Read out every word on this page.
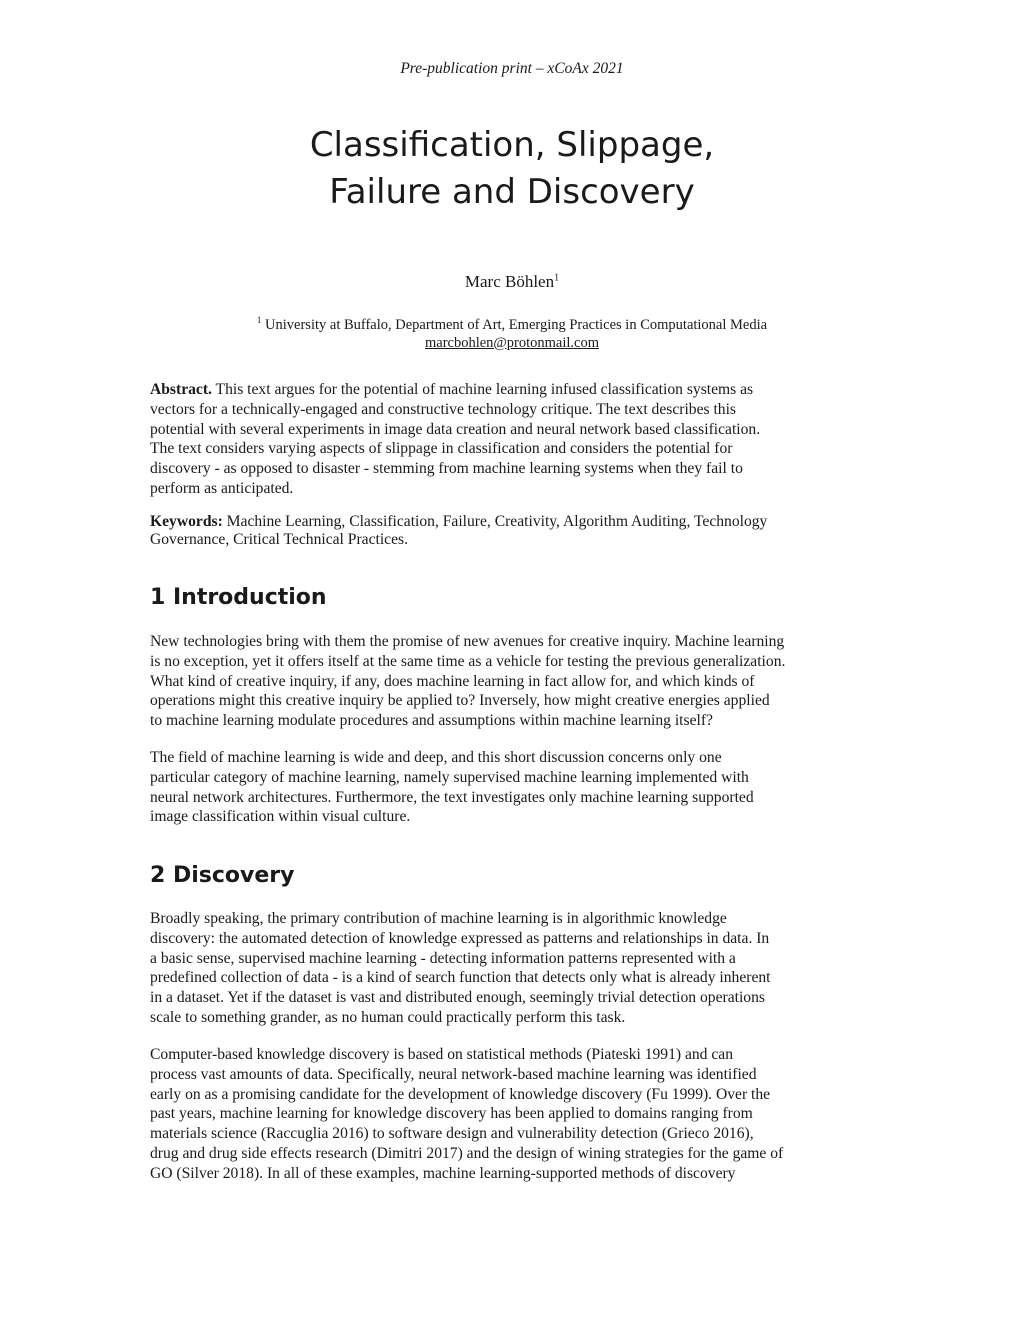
Pre-publication print – xCoAx 2021
Classification, Slippage,
Failure and Discovery
Marc Böhlen$^1$
$^1$ University at Buffalo, Department of Art, Emerging Practices in Computational Media
marcbohlen@protonmail.com

Abstract. This text argues for the potential of machine learning infused classification systems as
vectors for a technically-engaged and constructive technology critique. The text describes this
potential with several experiments in image data creation and neural network based classification.
The text considers varying aspects of slippage in classification and considers the potential for
discovery - as opposed to disaster - stemming from machine learning systems when they fail to
perform as anticipated.

Keywords: Machine Learning, Classification, Failure, Creativity, Algorithm Auditing, Technology
Governance, Critical Technical Practices.

1 Introduction

New technologies bring with them the promise of new avenues for creative inquiry. Machine learning
is no exception, yet it offers itself at the same time as a vehicle for testing the previous generalization.
What kind of creative inquiry, if any, does machine learning in fact allow for, and which kinds of
operations might this creative inquiry be applied to? Inversely, how might creative energies applied
to machine learning modulate procedures and assumptions within machine learning itself?

The field of machine learning is wide and deep, and this short discussion concerns only one
particular category of machine learning, namely supervised machine learning implemented with
neural network architectures. Furthermore, the text investigates only machine learning supported
image classification within visual culture.

2 Discovery

Broadly speaking, the primary contribution of machine learning is in algorithmic knowledge
discovery: the automated detection of knowledge expressed as patterns and relationships in data. In
a basic sense, supervised machine learning - detecting information patterns represented with a
predefined collection of data - is a kind of search function that detects only what is already inherent
in a dataset. Yet if the dataset is vast and distributed enough, seemingly trivial detection operations
scale to something grander, as no human could practically perform this task.

Computer-based knowledge discovery is based on statistical methods (Piateski 1991) and can
process vast amounts of data. Specifically, neural network-based machine learning was identified
early on as a promising candidate for the development of knowledge discovery (Fu 1999). Over the
past years, machine learning for knowledge discovery has been applied to domains ranging from
materials science (Raccuglia 2016) to software design and vulnerability detection (Grieco 2016),
drug and drug side effects research (Dimitri 2017) and the design of wining strategies for the game of
GO (Silver 2018). In all of these examples, machine learning-supported methods of discovery
